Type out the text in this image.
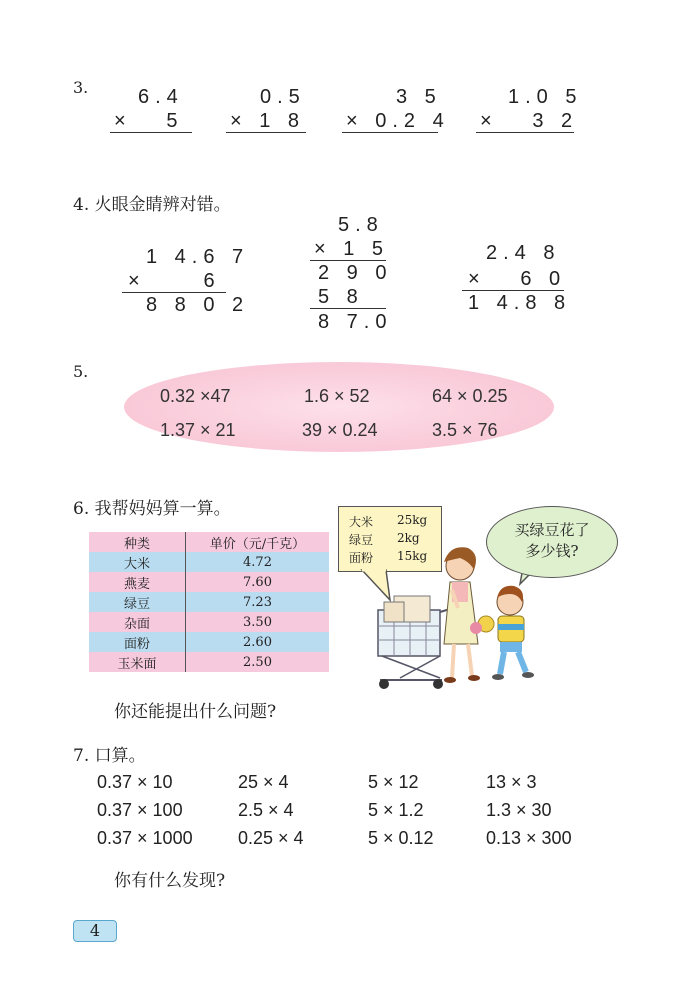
3. 6.4
×   5
0.5
× 1 8
3 5
× 0.2 4
1.0 5
×   3 2
4. 火眼金睛辨对错。
1 4.6 7
×     6
8 8 0 2
5.8
× 1 5
2 9 0
5 8
8 7.0
2.4 8
×   6 0
1 4.8 8
5.
0.32 ×47	1.6 × 52	64 × 0.25
1.37 × 21	39 × 0.24	3.5 × 76
6. 我帮妈妈算一算。
种类	单价（元/千克）
大米	4.72
燕麦	7.60
绿豆	7.23
杂面	3.50
面粉	2.60
玉米面	2.50
大米 25kg
绿豆 2kg
面粉 15kg
买绿豆花了
多少钱?
你还能提出什么问题?
7. 口算。
0.37 × 10	25 × 4	5 × 12	13 × 3
0.37 × 100	2.5 × 4	5 × 1.2	1.3 × 30
0.37 × 1000	0.25 × 4	5 × 0.12	0.13 × 300
你有什么发现?
4
